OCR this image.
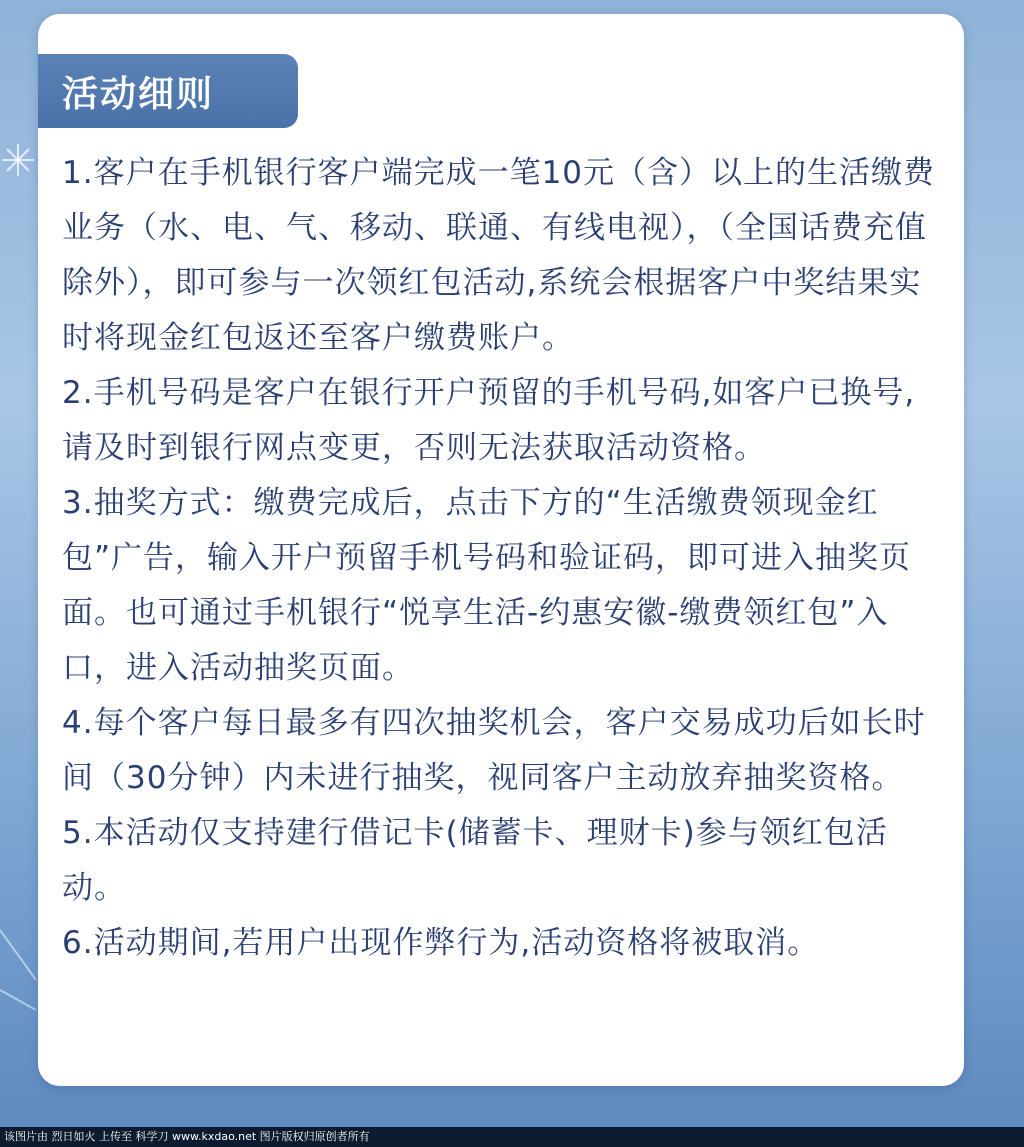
活动细则
1.客户在手机银行客户端完成一笔10元（含）以上的生活缴费业务（水、电、气、移动、联通、有线电视），（全国话费充值除外），即可参与一次领红包活动,系统会根据客户中奖结果实时将现金红包返还至客户缴费账户。
2.手机号码是客户在银行开户预留的手机号码,如客户已换号,请及时到银行网点变更，否则无法获取活动资格。
3.抽奖方式：缴费完成后，点击下方的“生活缴费领现金红包”广告，输入开户预留手机号码和验证码，即可进入抽奖页面。也可通过手机银行“悦享生活-约惠安徽-缴费领红包”入口，进入活动抽奖页面。
4.每个客户每日最多有四次抽奖机会，客户交易成功后如长时间（30分钟）内未进行抽奖，视同客户主动放弃抽奖资格。
5.本活动仅支持建行借记卡(储蓄卡、理财卡)参与领红包活动。
6.活动期间,若用户出现作弊行为,活动资格将被取消。
该图片由 烈日如火 上传至 科学刀 www.kxdao.net 图片版权归原创者所有
